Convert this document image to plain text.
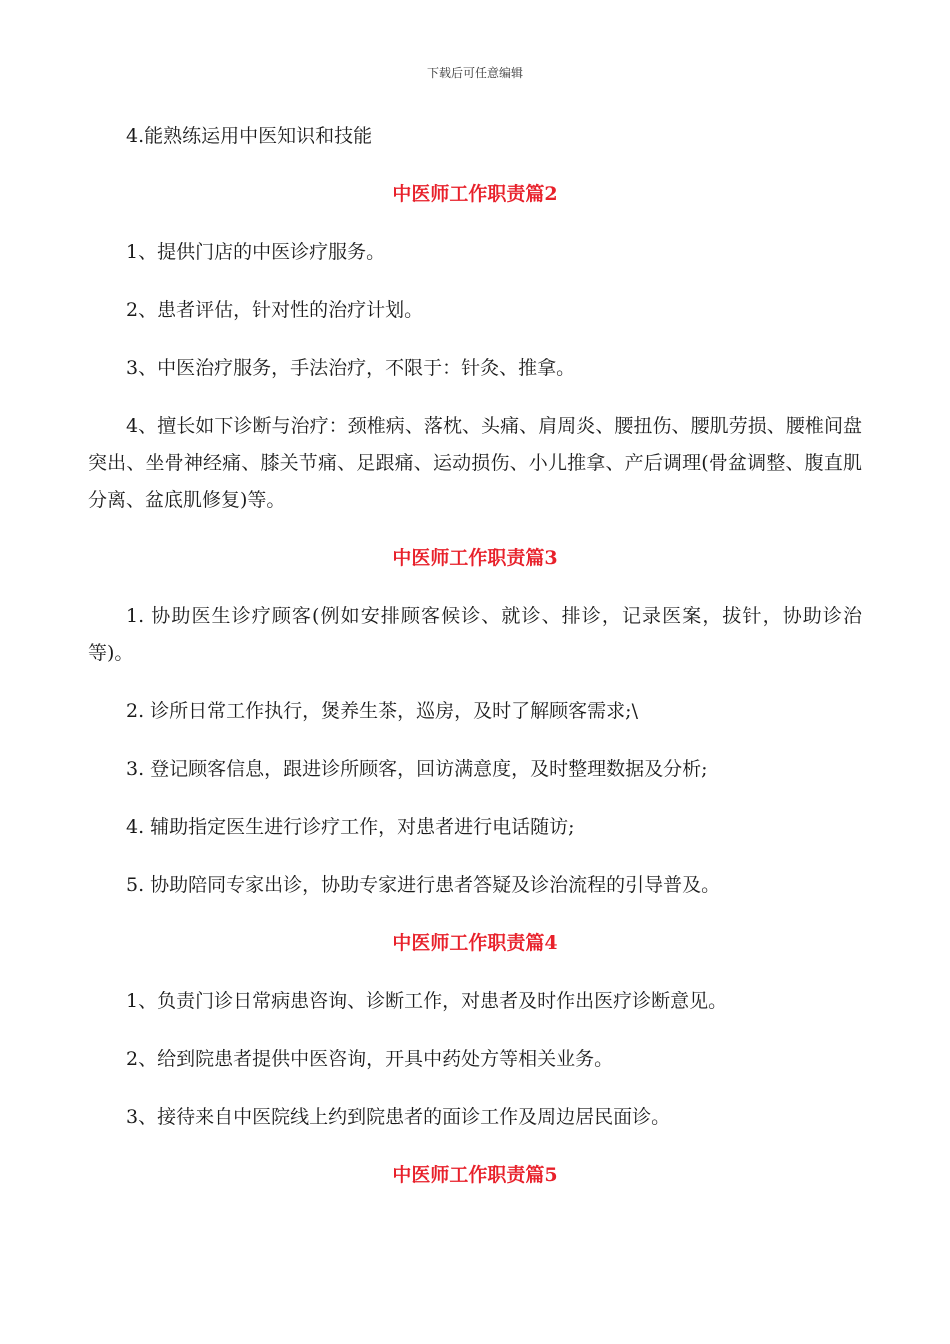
下载后可任意编辑

4.能熟练运用中医知识和技能

中医师工作职责篇2

1、提供门店的中医诊疗服务。

2、患者评估，针对性的治疗计划。

3、中医治疗服务，手法治疗，不限于：针灸、推拿。

4、擅长如下诊断与治疗：颈椎病、落枕、头痛、肩周炎、腰扭伤、腰肌劳损、腰椎间盘突出、坐骨神经痛、膝关节痛、足跟痛、运动损伤、小儿推拿、产后调理(骨盆调整、腹直肌分离、盆底肌修复)等。

中医师工作职责篇3

1. 协助医生诊疗顾客(例如安排顾客候诊、就诊、排诊，记录医案，拔针，协助诊治等)。

2. 诊所日常工作执行，煲养生茶，巡房，及时了解顾客需求;\

3. 登记顾客信息，跟进诊所顾客，回访满意度，及时整理数据及分析;

4. 辅助指定医生进行诊疗工作，对患者进行电话随访;

5. 协助陪同专家出诊，协助专家进行患者答疑及诊治流程的引导普及。

中医师工作职责篇4

1、负责门诊日常病患咨询、诊断工作，对患者及时作出医疗诊断意见。

2、给到院患者提供中医咨询，开具中药处方等相关业务。

3、接待来自中医院线上约到院患者的面诊工作及周边居民面诊。

中医师工作职责篇5
